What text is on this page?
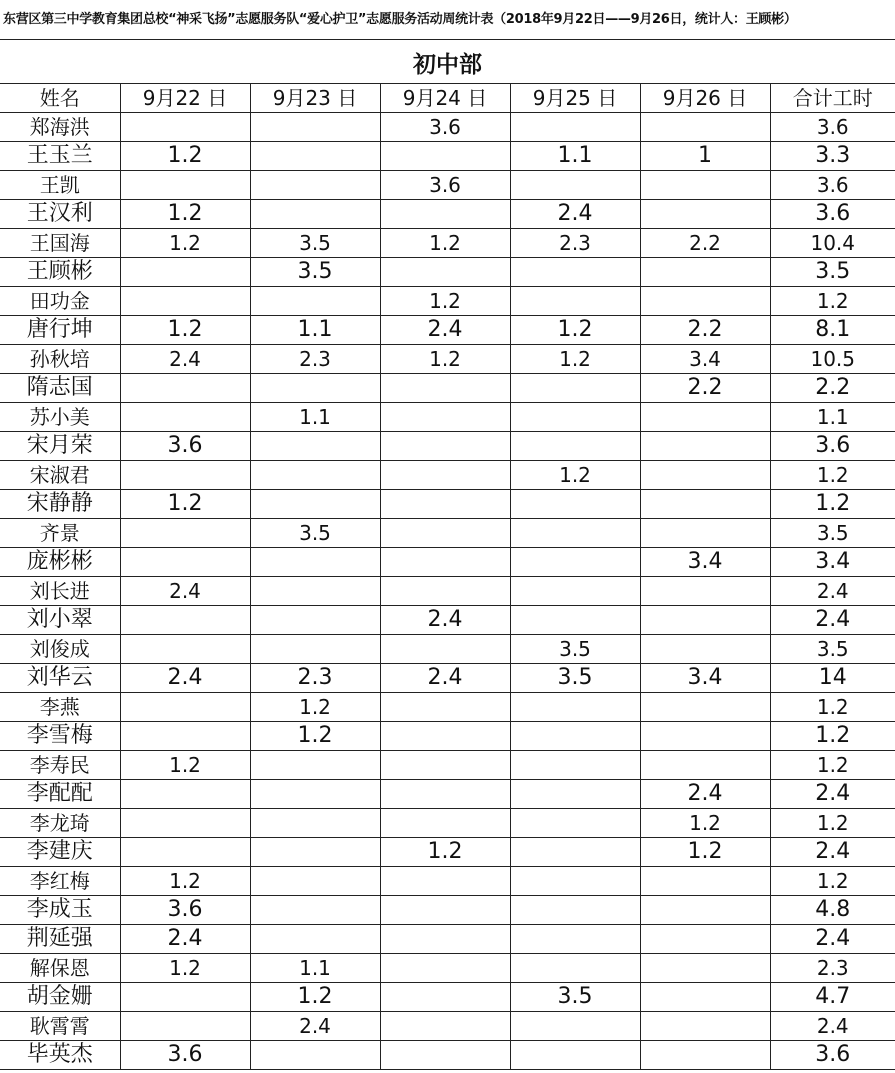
东营区第三中学教育集团总校“神采飞扬”志愿服务队“爱心护卫”志愿服务活动周统计表（2018年9月22日——9月26日，统计人：王顾彬）
初中部
姓名	9月22 日	9月23 日	9月24 日	9月25 日	9月26 日	合计工时
郑海洪			3.6			3.6
王玉兰	1.2			1.1	1	3.3
王凯			3.6			3.6
王汉利	1.2			2.4		3.6
王国海	1.2	3.5	1.2	2.3	2.2	10.4
王顾彬		3.5				3.5
田功金			1.2			1.2
唐行坤	1.2	1.1	2.4	1.2	2.2	8.1
孙秋培	2.4	2.3	1.2	1.2	3.4	10.5
隋志国					2.2	2.2
苏小美		1.1				1.1
宋月荣	3.6					3.6
宋淑君				1.2		1.2
宋静静	1.2					1.2
齐景		3.5				3.5
庞彬彬					3.4	3.4
刘长进	2.4					2.4
刘小翠			2.4			2.4
刘俊成				3.5		3.5
刘华云	2.4	2.3	2.4	3.5	3.4	14
李燕		1.2				1.2
李雪梅		1.2				1.2
李寿民	1.2					1.2
李配配					2.4	2.4
李龙琦					1.2	1.2
李建庆			1.2		1.2	2.4
李红梅	1.2					1.2
李成玉	3.6					4.8
荆延强	2.4					2.4
解保恩	1.2	1.1				2.3
胡金姗		1.2		3.5		4.7
耿霄霄		2.4				2.4
毕英杰	3.6					3.6
